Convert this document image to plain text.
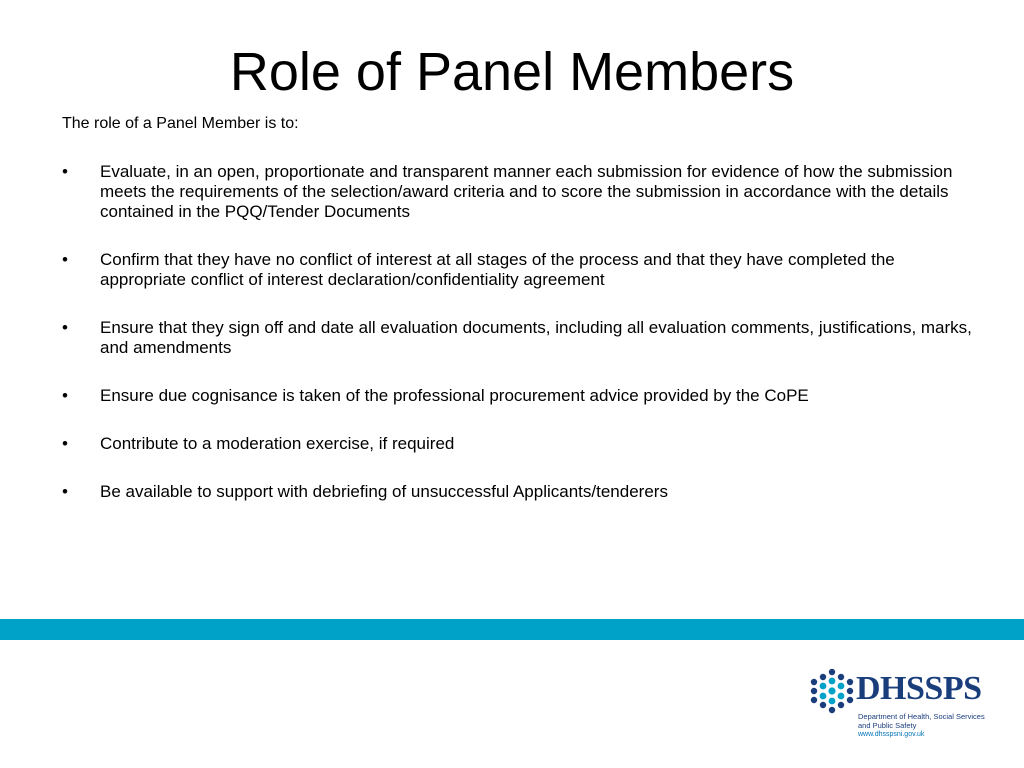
Role of Panel Members

The role of a Panel Member is to:

• Evaluate, in an open, proportionate and transparent manner each submission for evidence of how the submission meets the requirements of the selection/award criteria and to score the submission in accordance with the details contained in the PQQ/Tender Documents
• Confirm that they have no conflict of interest at all stages of the process and that they have completed the appropriate conflict of interest declaration/confidentiality agreement
• Ensure that they sign off and date all evaluation documents, including all evaluation comments, justifications, marks, and amendments
• Ensure due cognisance is taken of the professional procurement advice provided by the CoPE
• Contribute to a moderation exercise, if required
• Be available to support with debriefing of unsuccessful Applicants/tenderers
DHSSPS
Department of Health, Social Services
and Public Safety
www.dhsspsni.gov.uk
